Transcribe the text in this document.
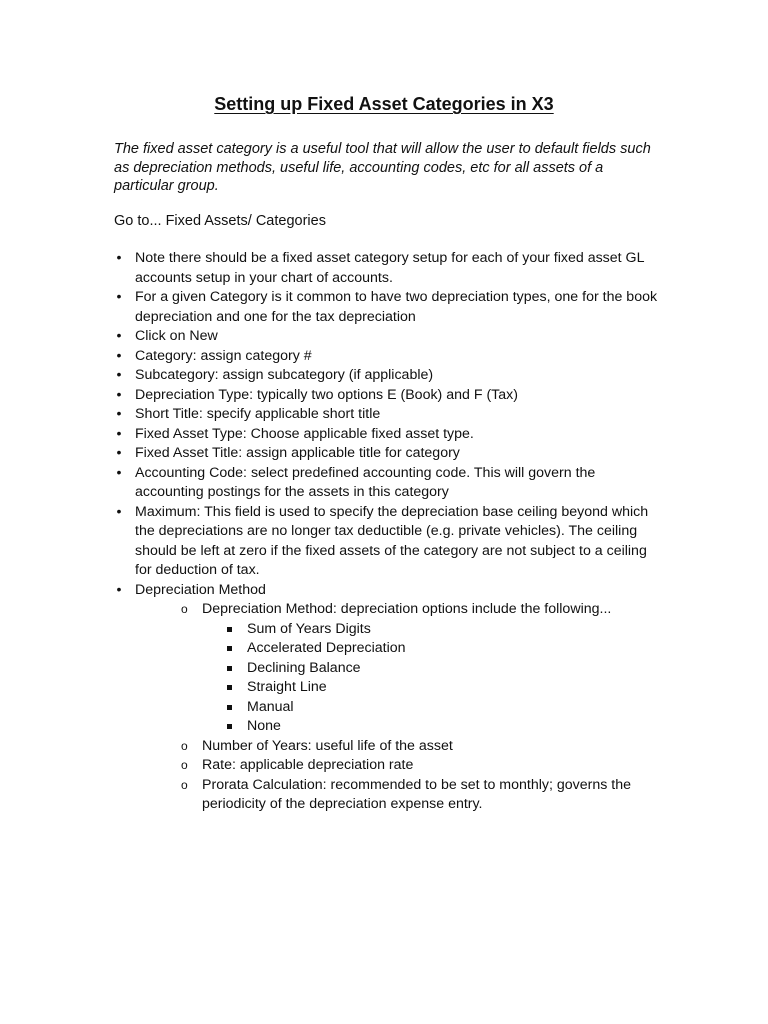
Setting up Fixed Asset Categories in X3

The fixed asset category is a useful tool that will allow the user to default fields such as depreciation methods, useful life, accounting codes, etc for all assets of a particular group.

Go to... Fixed Assets/ Categories

• Note there should be a fixed asset category setup for each of your fixed asset GL accounts setup in your chart of accounts.
• For a given Category is it common to have two depreciation types, one for the book depreciation and one for the tax depreciation
• Click on New
• Category: assign category #
• Subcategory: assign subcategory (if applicable)
• Depreciation Type: typically two options E (Book) and F (Tax)
• Short Title: specify applicable short title
• Fixed Asset Type: Choose applicable fixed asset type.
• Fixed Asset Title: assign applicable title for category
• Accounting Code: select predefined accounting code. This will govern the accounting postings for the assets in this category
• Maximum: This field is used to specify the depreciation base ceiling beyond which the depreciations are no longer tax deductible (e.g. private vehicles). The ceiling should be left at zero if the fixed assets of the category are not subject to a ceiling for deduction of tax.
• Depreciation Method
o Depreciation Method: depreciation options include the following...
Sum of Years Digits
Accelerated Depreciation
Declining Balance
Straight Line
Manual
None
o Number of Years: useful life of the asset
o Rate: applicable depreciation rate
o Prorata Calculation: recommended to be set to monthly; governs the periodicity of the depreciation expense entry.
